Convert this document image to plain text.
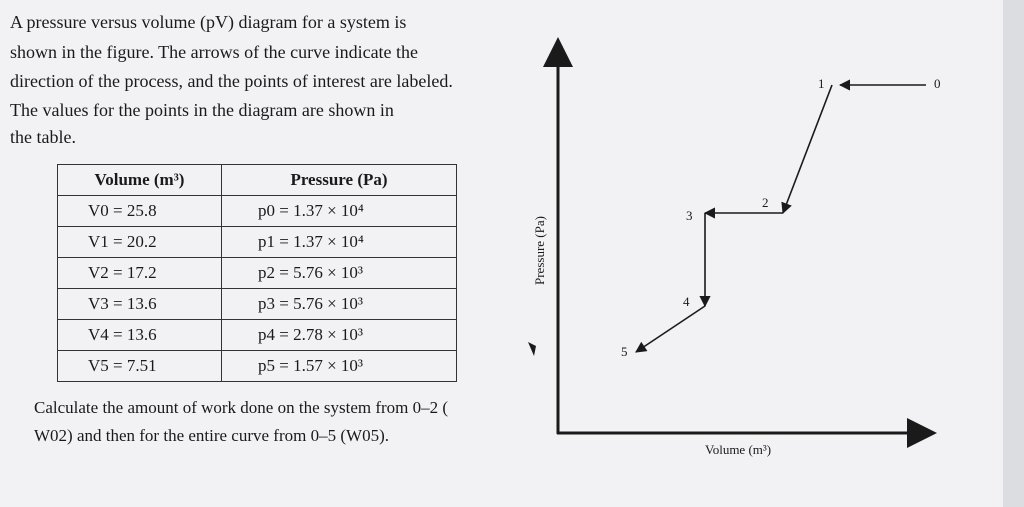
A pressure versus volume (pV) diagram for a system is
shown in the figure. The arrows of the curve indicate the
direction of the process, and the points of interest are labeled.
The values for the points in the diagram are shown in
the table.
Volume (m³)	Pressure (Pa)
V0 = 25.8	p0 = 1.37 × 10⁴
V1 = 20.2	p1 = 1.37 × 10⁴
V2 = 17.2	p2 = 5.76 × 10³
V3 = 13.6	p3 = 5.76 × 10³
V4 = 13.6	p4 = 2.78 × 10³
V5 = 7.51	p5 = 1.57 × 10³
Calculate the amount of work done on the system from 0–2 (
W02) and then for the entire curve from 0–5 (W05).
0
1
2
3
4
5
Pressure (Pa)
Volume (m³)
